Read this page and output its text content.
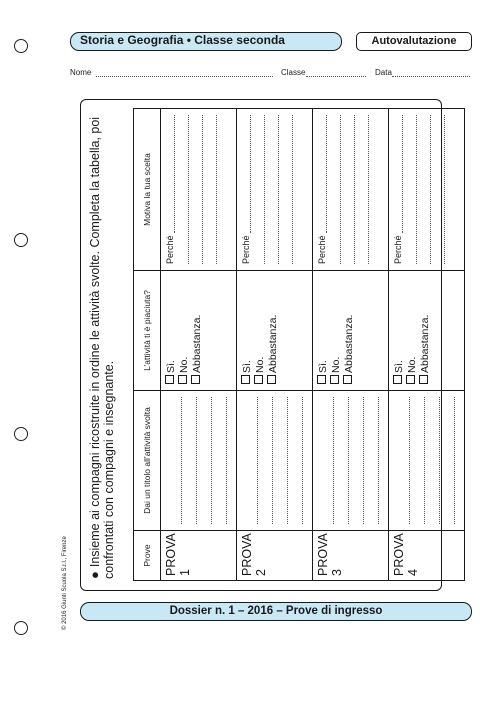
Storia e Geografia • Classe seconda	Autovalutazione
Nome	Classe	Data
© 2016 Giunti Scuola S.r.l., Firenze ●Insieme ai compagni ricostruite in ordine le attività svolte. Completa la tabella, poi confrontati con compagni e insegnante.	Prove	Dai un titolo all’attività svolta	L’attività ti è piaciuta?	Motiva la tua scelta
PROVA 1		Sì. No. Abbastanza.	Perché

PROVA 2		Sì. No. Abbastanza.	Perché

PROVA 3		Sì. No. Abbastanza.	Perché

PROVA 4		Sì. No. Abbastanza.	Perché
Dossier n. 1 – 2016 – Prove di ingresso
